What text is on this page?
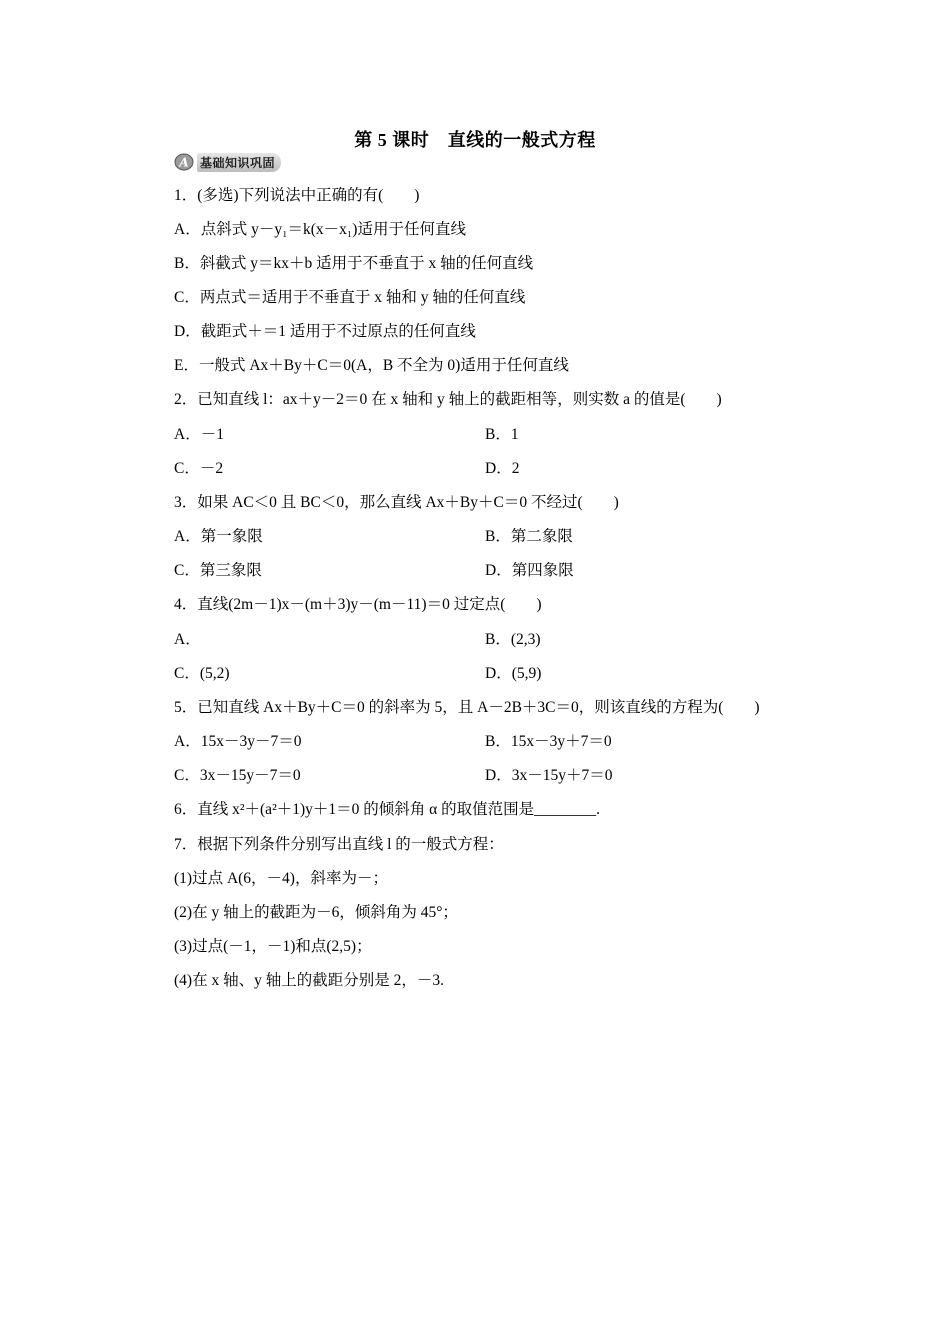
第 5 课时　直线的一般式方程
A 基础知识巩固
1．(多选)下列说法中正确的有(　　)
A．点斜式 y－y₁＝k(x－x₁)适用于任何直线
B．斜截式 y＝kx＋b 适用于不垂直于 x 轴的任何直线
C．两点式＝适用于不垂直于 x 轴和 y 轴的任何直线
D．截距式＋＝1 适用于不过原点的任何直线
E．一般式 Ax＋By＋C＝0(A，B 不全为 0)适用于任何直线
2．已知直线 l：ax＋y－2＝0 在 x 轴和 y 轴上的截距相等，则实数 a 的值是(　　)
A．－1	B．1
C．－2	D．2
3．如果 AC＜0 且 BC＜0，那么直线 Ax＋By＋C＝0 不经过(　　)
A．第一象限	B．第二象限
C．第三象限	D．第四象限
4．直线(2m－1)x－(m＋3)y－(m－11)＝0 过定点(　　)
A．	B．(2,3)
C．(5,2)	D．(5,9)
5．已知直线 Ax＋By＋C＝0 的斜率为 5，且 A－2B＋3C＝0，则该直线的方程为(　　)
A．15x－3y－7＝0	B．15x－3y＋7＝0
C．3x－15y－7＝0	D．3x－15y＋7＝0
6．直线 x²＋(a²＋1)y＋1＝0 的倾斜角 α 的取值范围是________.
7．根据下列条件分别写出直线 l 的一般式方程：
(1)过点 A(6，－4)，斜率为－；
(2)在 y 轴上的截距为－6，倾斜角为 45°；
(3)过点(－1，－1)和点(2,5)；
(4)在 x 轴、y 轴上的截距分别是 2，－3.
